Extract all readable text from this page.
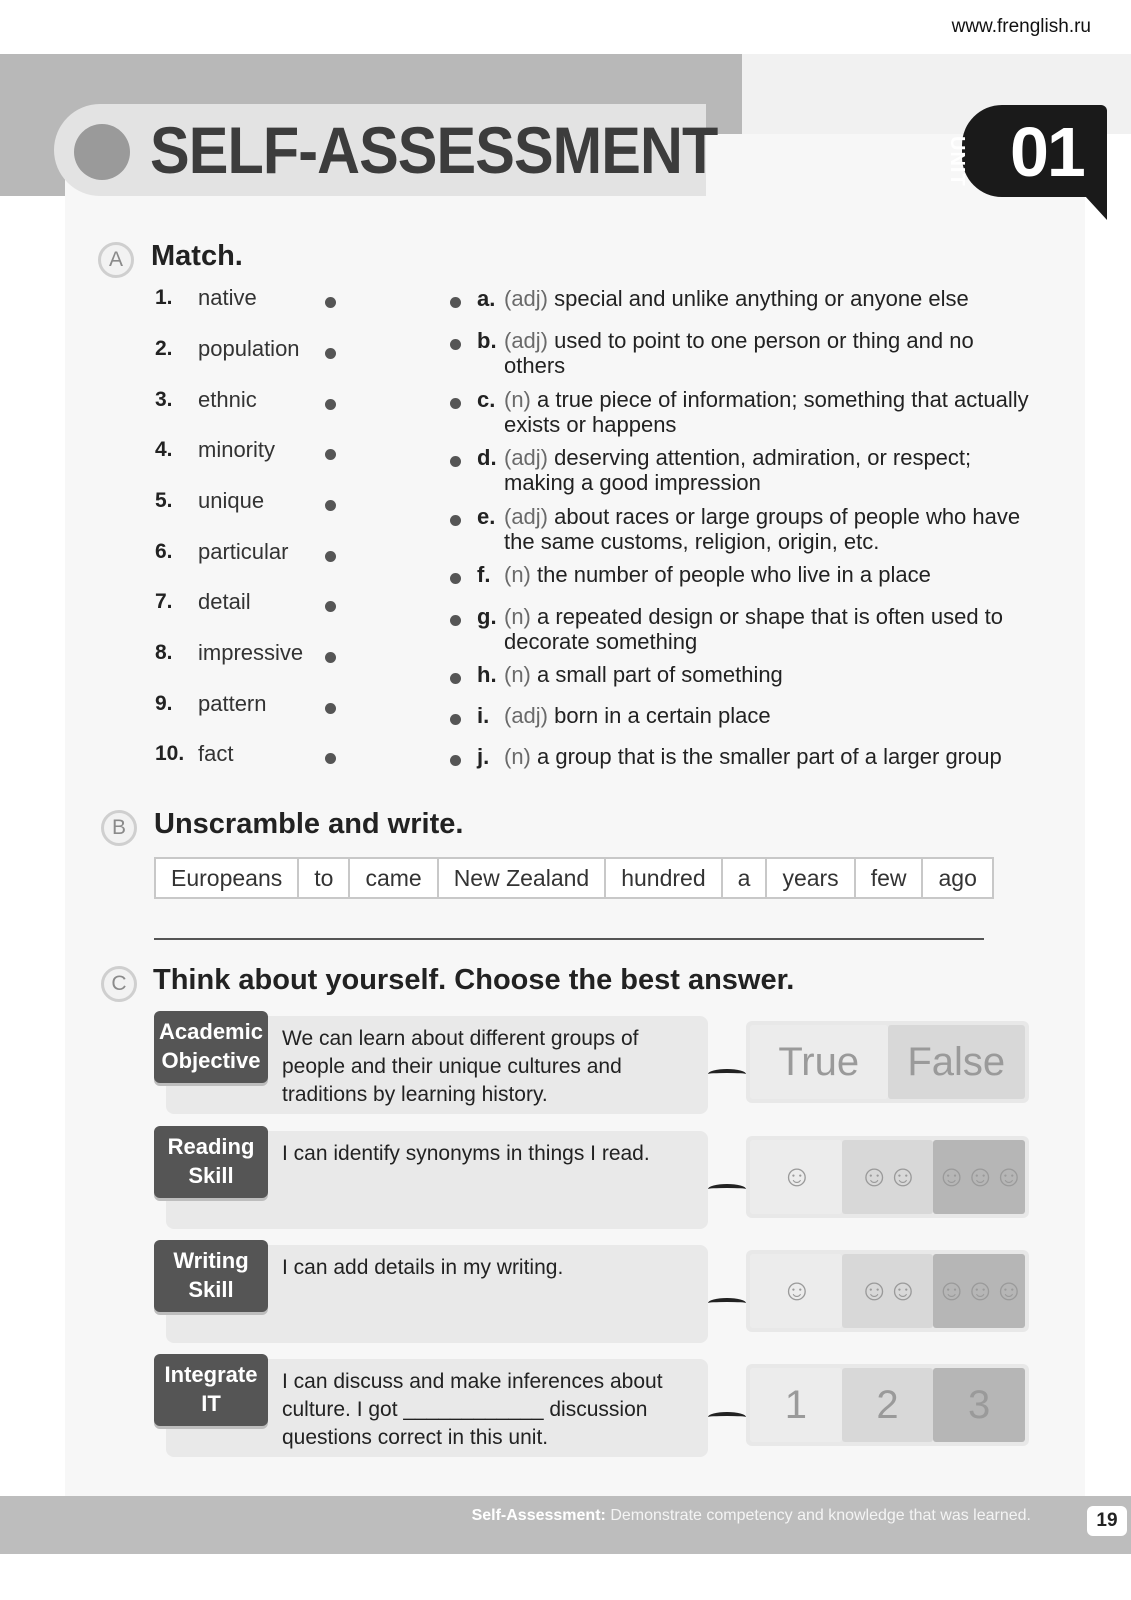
www.frenglish.ru
SELF-ASSESSMENT	UNIT 01
A Match.
1. native
2. population
3. ethnic
4. minority
5. unique
6. particular
7. detail
8. impressive
9. pattern
10. fact
a. (adj) special and unlike anything or anyone else
b. (adj) used to point to one person or thing and no
others
c. (n) a true piece of information; something that actually
exists or happens
d. (adj) deserving attention, admiration, or respect;
making a good impression
e. (adj) about races or large groups of people who have
the same customs, religion, origin, etc.
f. (n) the number of people who live in a place
g. (n) a repeated design or shape that is often used to
decorate something
h. (n) a small part of something
i. (adj) born in a certain place
j. (n) a group that is the smaller part of a larger group
B Unscramble and write.
Europeans	to	came	New Zealand	hundred	a	years	few	ago
C Think about yourself. Choose the best answer.
Academic
Objective
We can learn about different groups of people and their unique cultures and traditions by learning history.
True	False
Reading
Skill
I can identify synonyms in things I read.
☺	☺☺ ☺☺☺
Writing
Skill
I can add details in my writing.
☺	☺☺ ☺☺☺
Integrate
IT
I can discuss and make inferences about culture. I got ____________ discussion questions correct in this unit.
1	2	3
Self-Assessment: Demonstrate competency and knowledge that was learned.	19
